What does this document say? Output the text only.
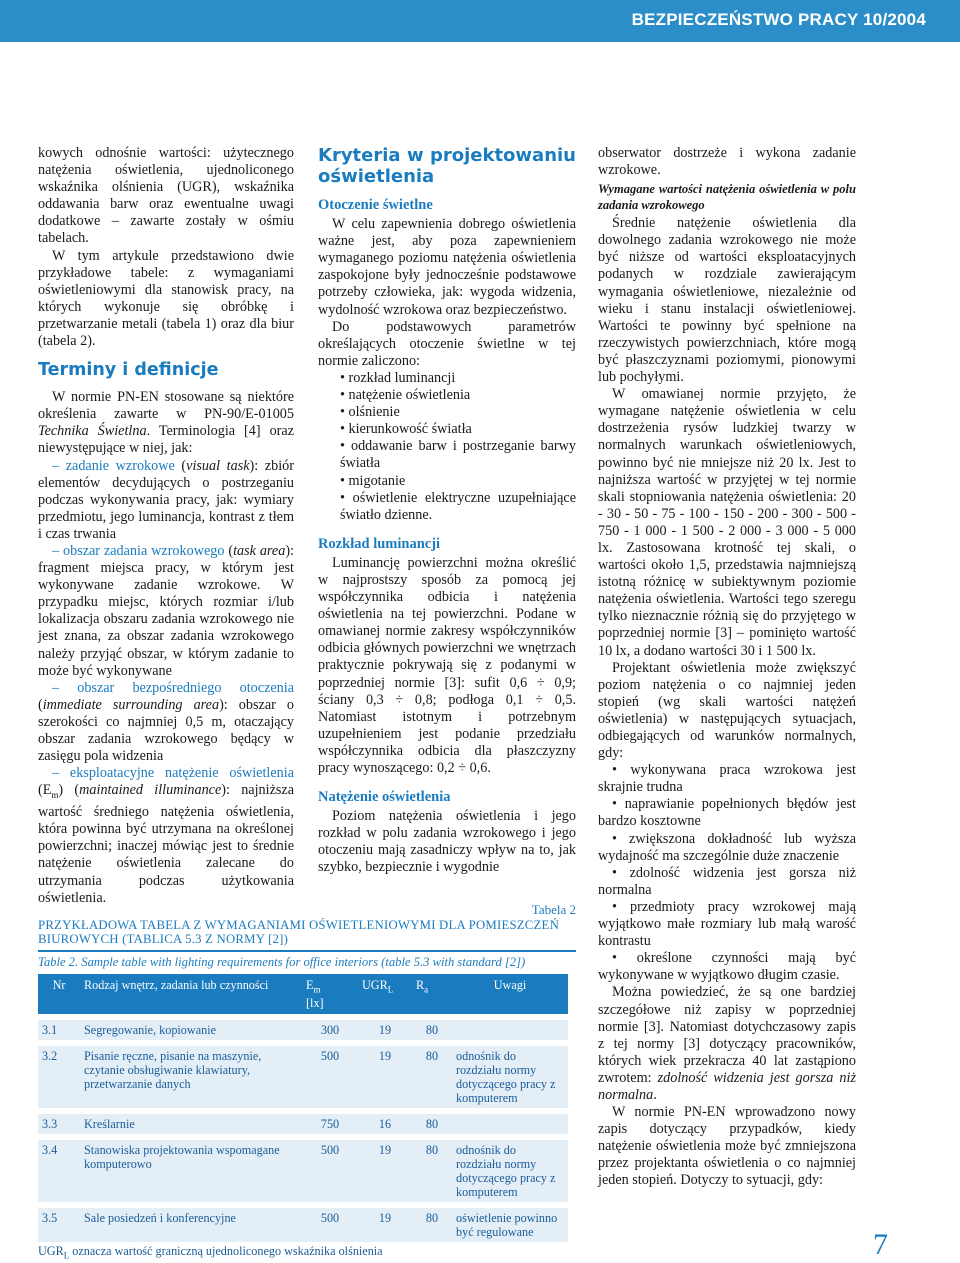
BEZPIECZEŃSTWO PRACY 10/2004

kowych odnośnie wartości: użytecznego natężenia oświetlenia, ujednoliconego wskaźnika olśnienia (UGR), wskaźnika oddawania barw oraz ewentualne uwagi dodatkowe – zawarte zostały w ośmiu tabelach.

W tym artykule przedstawiono dwie przykładowe tabele: z wymaganiami oświetleniowymi dla stanowisk pracy, na których wykonuje się obróbkę i przetwarzanie metali (tabela 1) oraz dla biur (tabela 2).

Terminy i definicje

W normie PN-EN stosowane są niektóre określenia zawarte w PN-90/E-01005 Technika Świetlna. Terminologia [4] oraz niewystępujące w niej, jak:

– zadanie wzrokowe (visual task): zbiór elementów decydujących o postrzeganiu podczas wykonywania pracy, jak: wymiary przedmiotu, jego luminancja, kontrast z tłem i czas trwania

– obszar zadania wzrokowego (task area): fragment miejsca pracy, w którym jest wykonywane zadanie wzrokowe. W przypadku miejsc, których rozmiar i/lub lokalizacja obszaru zadania wzrokowego nie jest znana, za obszar zadania wzrokowego należy przyjąć obszar, w którym zadanie to może być wykonywane

– obszar bezpośredniego otoczenia (immediate surrounding area): obszar o szerokości co najmniej 0,5 m, otaczający obszar zadania wzrokowego będący w zasięgu pola widzenia

– eksploatacyjne natężenie oświetlenia $(E_m)$ (maintained illuminance): najniższa wartość średniego natężenia oświetlenia, która powinna być utrzymana na określonej powierzchni; inaczej mówiąc jest to średnie natężenie oświetlenia zalecane do utrzymania podczas użytkowania oświetlenia.

Kryteria w projektowaniu oświetlenia
Otoczenie świetlne

W celu zapewnienia dobrego oświetlenia ważne jest, aby poza zapewnieniem wymaganego poziomu natężenia oświetlenia zaspokojone były jednocześnie podstawowe potrzeby człowieka, jak: wygoda widzenia, wydolność wzrokowa oraz bezpieczeństwo.

Do podstawowych parametrów określających otoczenie świetlne w tej normie zaliczono:

• rozkład luminancji

• natężenie oświetlenia

• olśnienie

• kierunkowość światła

• oddawanie barw i postrzeganie barwy światła

• migotanie

• oświetlenie elektryczne uzupełniające światło dzienne.

Rozkład luminancji

Luminancję powierzchni można określić w najprostszy sposób za pomocą jej współczynnika odbicia i natężenia oświetlenia na tej powierzchni. Podane w omawianej normie zakresy współczynników odbicia głównych powierzchni we wnętrzach praktycznie pokrywają się z podanymi w poprzedniej normie [3]: sufit 0,6 ÷ 0,9; ściany 0,3 ÷ 0,8; podłoga 0,1 ÷ 0,5. Natomiast istotnym i potrzebnym uzupełnieniem jest podanie przedziału współczynnika odbicia dla płaszczyzny pracy wynoszącego: 0,2 ÷ 0,6.

Natężenie oświetlenia

Poziom natężenia oświetlenia i jego rozkład w polu zadania wzrokowego i jego otoczeniu mają zasadniczy wpływ na to, jak szybko, bezpiecznie i wygodnie

obserwator dostrzeże i wykona zadanie wzrokowe.

Wymagane wartości natężenia oświetlenia w polu zadania wzrokowego

Średnie natężenie oświetlenia dla dowolnego zadania wzrokowego nie może być niższe od wartości eksploatacyjnych podanych w rozdziale zawierającym wymagania oświetleniowe, niezależnie od wieku i stanu instalacji oświetleniowej. Wartości te powinny być spełnione na rzeczywistych powierzchniach, które mogą być płaszczyznami poziomymi, pionowymi lub pochyłymi.

W omawianej normie przyjęto, że wymagane natężenie oświetlenia w celu dostrzeżenia rysów ludzkiej twarzy w normalnych warunkach oświetleniowych, powinno być nie mniejsze niż 20 lx. Jest to najniższa wartość w przyjętej w tej normie skali stopniowania natężenia oświetlenia: 20 - 30 - 50 - 75 - 100 - 150 - 200 - 300 - 500 - 750 - 1 000 - 1 500 - 2 000 - 3 000 - 5 000 lx. Zastosowana krotność tej skali, o wartości około 1,5, przedstawia najmniejszą istotną różnicę w subiektywnym poziomie natężenia oświetlenia. Wartości tego szeregu tylko nieznacznie różnią się do przyjętego w poprzedniej normie [3] – pominięto wartość 10 lx, a dodano wartości 30 i 1 500 lx.

Projektant oświetlenia może zwiększyć poziom natężenia o co najmniej jeden stopień (wg skali wartości natężeń oświetlenia) w następujących sytuacjach, odbiegających od warunków normalnych, gdy:

• wykonywana praca wzrokowa jest skrajnie trudna

• naprawianie popełnionych błędów jest bardzo kosztowne

• zwiększona dokładność lub wyższa wydajność ma szczególnie duże znaczenie

• zdolność widzenia jest gorsza niż normalna

• przedmioty pracy wzrokowej mają wyjątkowo małe rozmiary lub małą warość kontrastu

• określone czynności mają być wykonywane w wyjątkowo długim czasie.

Można powiedzieć, że są one bardziej szczegółowe niż zapisy w poprzedniej normie [3]. Natomiast dotychczasowy zapis z tej normy [3] dotyczący pracowników, których wiek przekracza 40 lat zastąpiono zwrotem: zdolność widzenia jest gorsza niż normalna.

W normie PN-EN wprowadzono nowy zapis dotyczący przypadków, kiedy natężenie oświetlenia może być zmniejszona przez projektanta oświetlenia o co najmniej jeden stopień. Dotyczy to sytuacji, gdy:

Tabela 2
PRZYKŁADOWA TABELA Z WYMAGANIAMI OŚWIETLENIOWYMI DLA POMIESZCZEŃ BIUROWYCH (TABLICA 5.3 Z NORMY [2])
Table 2. Sample table with lighting requirements for office interiors (table 5.3 with standard [2])
Nr	Rodzaj wnętrz, zadania lub czynności	$E_m$
[lx]	$UGR_L$	$R_a$	Uwagi

3.1	Segregowanie, kopiowanie	300	19	80	

3.2	Pisanie ręczne, pisanie na maszynie, czytanie obsługiwanie klawiatury, przetwarzanie danych	500	19	80	odnośnik do rozdziału normy dotyczącego pracy z komputerem

3.3	Kreślarnie	750	16	80	

3.4	Stanowiska projektowania wspomagane komputerowo	500	19	80	odnośnik do rozdziału normy dotyczącego pracy z komputerem

3.5	Sale posiedzeń i konferencyjne	500	19	80	oświetlenie powinno być regulowane
$UGR_L$ oznacza wartość graniczną ujednoliconego wskaźnika olśnienia	7
